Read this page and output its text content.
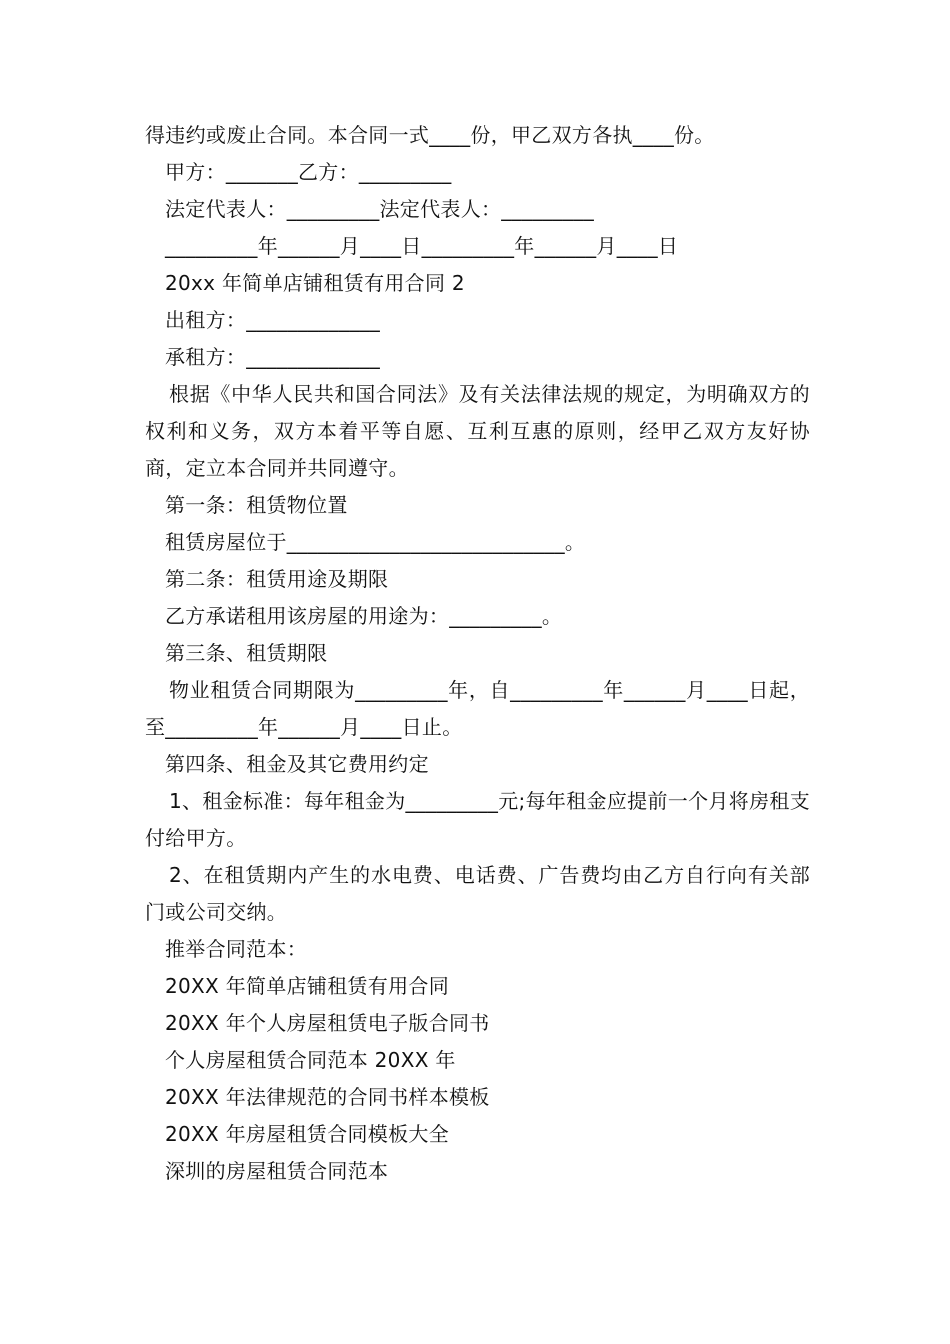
得违约或废止合同。本合同一式____份，甲乙双方各执____份。
甲方：_______乙方：_________
法定代表人：_________法定代表人：_________
_________年______月____日_________年______月____日
20xx 年简单店铺租赁有用合同 2
出租方：_____________
承租方：_____________
根据《中华人民共和国合同法》及有关法律法规的规定，为明确双方的权利和义务，双方本着平等自愿、互利互惠的原则，经甲乙双方友好协商，定立本合同并共同遵守。
第一条：租赁物位置
租赁房屋位于___________________________。
第二条：租赁用途及期限
乙方承诺租用该房屋的用途为：_________。
第三条、租赁期限
物业租赁合同期限为_________年，自_________年______月____日起，至_________年______月____日止。
第四条、租金及其它费用约定
1、租金标准：每年租金为_________元;每年租金应提前一个月将房租支付给甲方。
2、在租赁期内产生的水电费、电话费、广告费均由乙方自行向有关部门或公司交纳。
推举合同范本：
20XX 年简单店铺租赁有用合同
20XX 年个人房屋租赁电子版合同书
个人房屋租赁合同范本 20XX 年
20XX 年法律规范的合同书样本模板
20XX 年房屋租赁合同模板大全
深圳的房屋租赁合同范本
